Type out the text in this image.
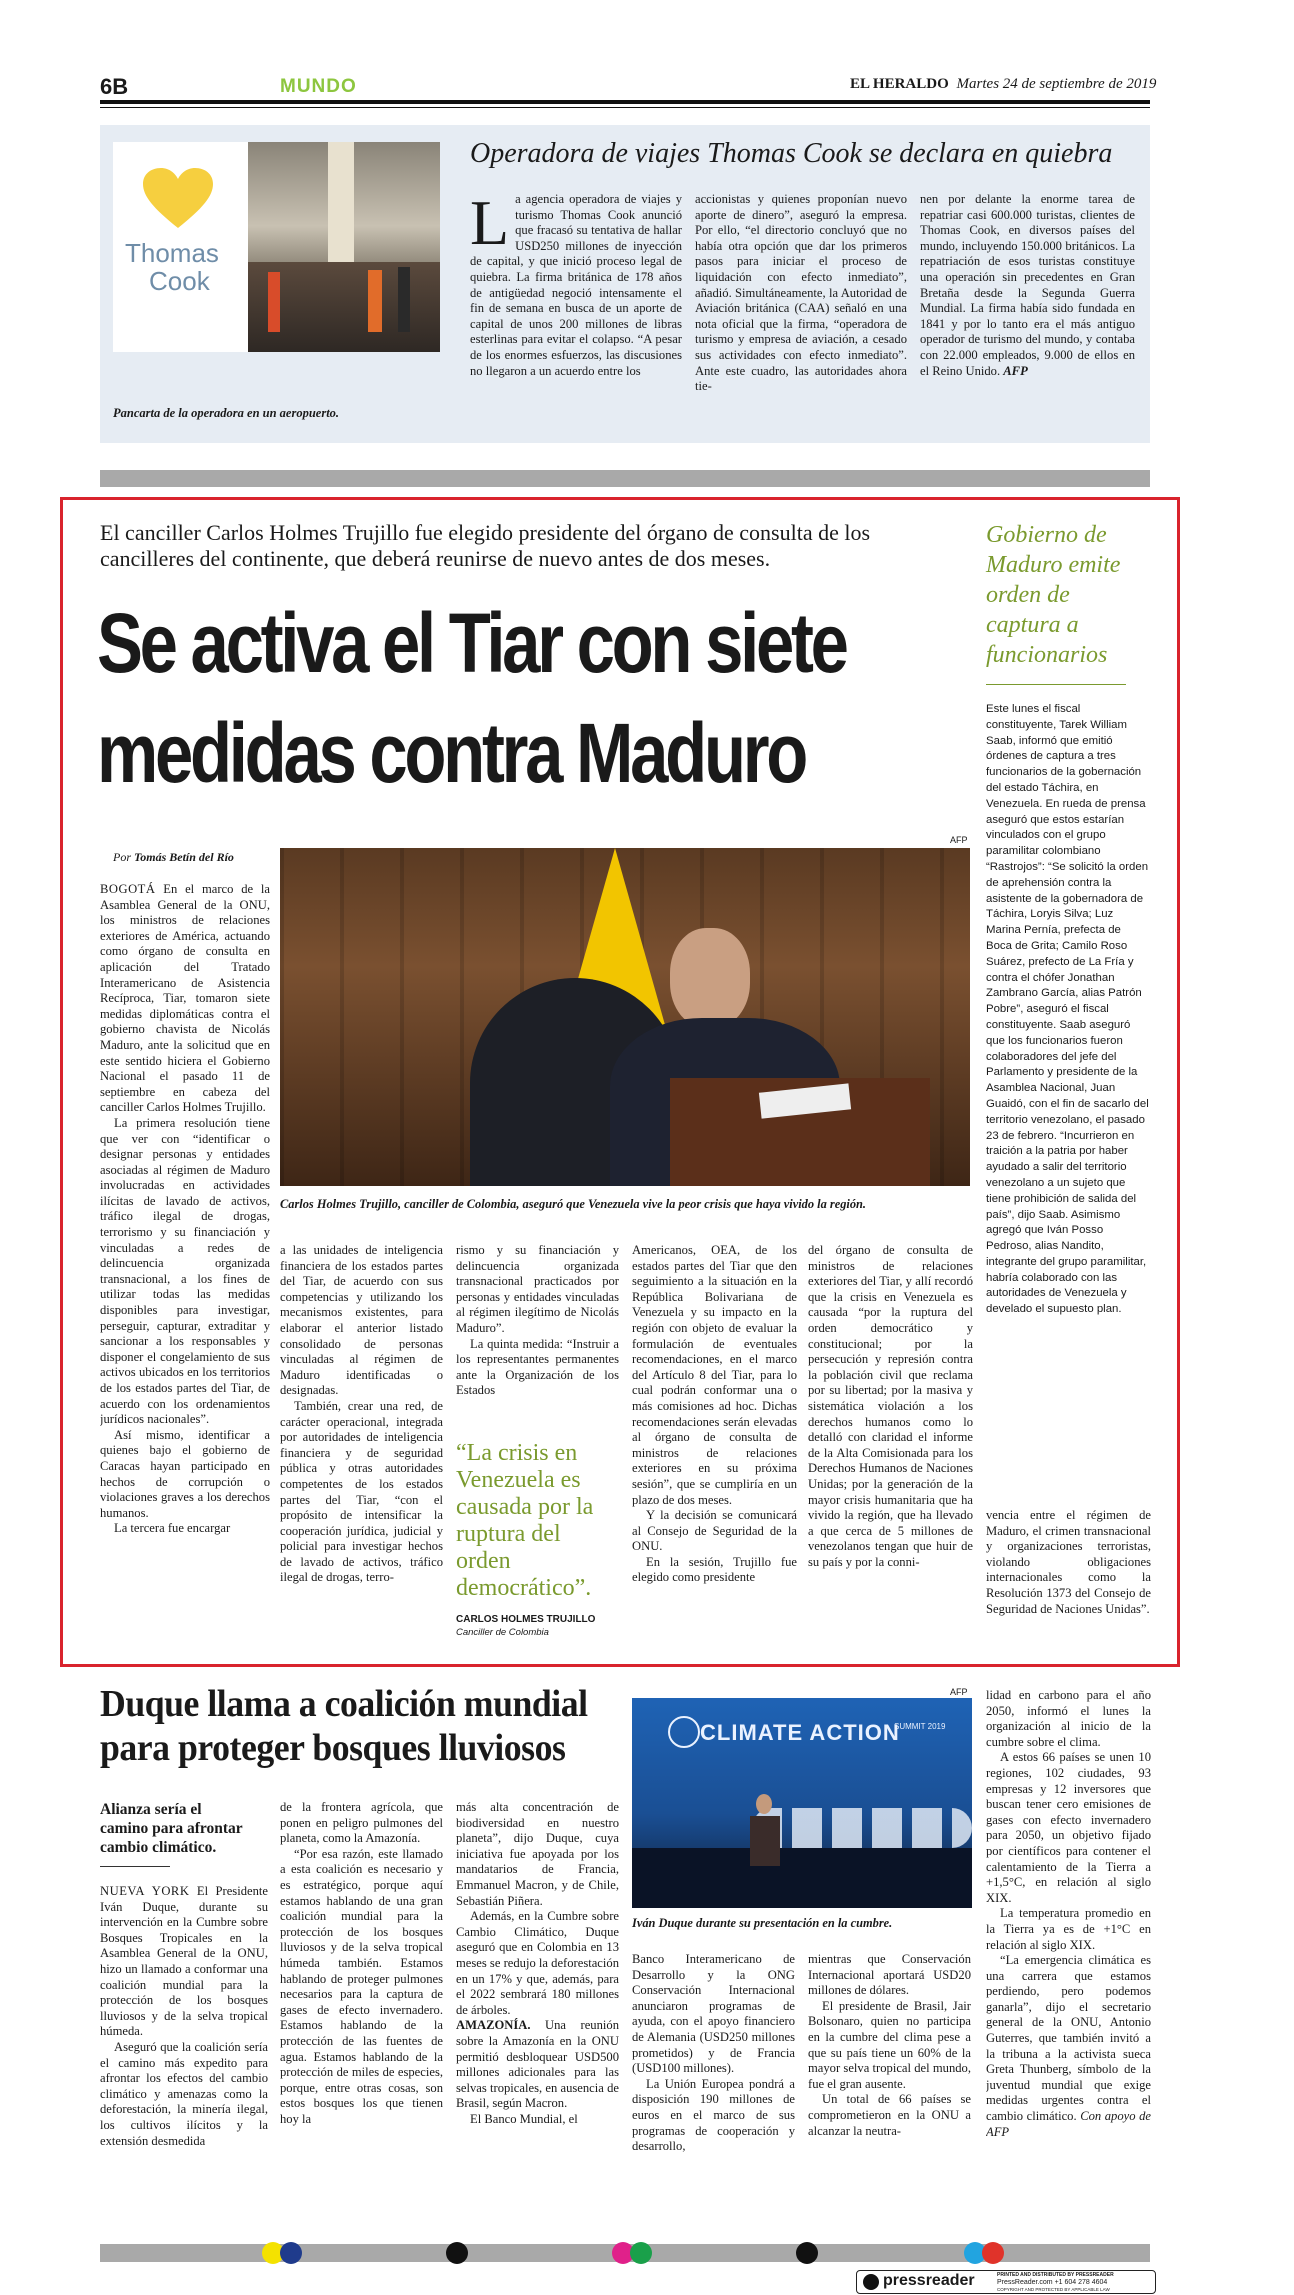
6B	MUNDO	EL HERALDO Martes 24 de septiembre de 2019
Thomas
Cook
Pancarta de la operadora en un aeropuerto.
Operadora de viajes Thomas Cook se declara en quiebra
La agencia operadora de viajes y turismo Thomas Cook anunció que fracasó su tentativa de hallar USD250 millones de inyección de capital, y que inició proceso legal de quiebra. La firma británica de 178 años de antigüedad negoció intensamente el fin de semana en busca de un aporte de capital de unos 200 millones de libras esterlinas para evitar el colapso. “A pesar de los enormes esfuerzos, las discusiones no llegaron a un acuerdo entre los
accionistas y quienes proponían nuevo aporte de dinero”, aseguró la empresa. Por ello, “el directorio concluyó que no había otra opción que dar los primeros pasos para iniciar el proceso de liquidación con efecto inmediato”, añadió. Simultáneamente, la Autoridad de Aviación británica (CAA) señaló en una nota oficial que la firma, “operadora de turismo y empresa de aviación, a cesado sus actividades con efecto inmediato”. Ante este cuadro, las autoridades ahora tie-
nen por delante la enorme tarea de repatriar casi 600.000 turistas, clientes de Thomas Cook, en diversos países del mundo, incluyendo 150.000 británicos. La repatriación de esos turistas constituye una operación sin precedentes en Gran Bretaña desde la Segunda Guerra Mundial. La firma había sido fundada en 1841 y por lo tanto era el más antiguo operador de turismo del mundo, y contaba con 22.000 empleados, 9.000 de ellos en el Reino Unido. AFP
El canciller Carlos Holmes Trujillo fue elegido presidente del órgano de consulta de los cancilleres del continente, que deberá reunirse de nuevo antes de dos meses.
Se activa el Tiar con siete
medidas contra Maduro
Por Tomás Betín del Río
AFP
Carlos Holmes Trujillo, canciller de Colombia, aseguró que Venezuela vive la peor crisis que haya vivido la región.

BOGOTÁ En el marco de la Asamblea General de la ONU, los ministros de relaciones exteriores de América, actuando como órgano de consulta en aplicación del Tratado Interamericano de Asistencia Recíproca, Tiar, tomaron siete medidas diplomáticas contra el gobierno chavista de Nicolás Maduro, ante la solicitud que en este sentido hiciera el Gobierno Nacional el pasado 11 de septiembre en cabeza del canciller Carlos Holmes Trujillo.

La primera resolución tiene que ver con “identificar o designar personas y entidades asociadas al régimen de Maduro involucradas en actividades ilícitas de lavado de activos, tráfico ilegal de drogas, terrorismo y su financiación y vinculadas a redes de delincuencia organizada transnacional, a los fines de utilizar todas las medidas disponibles para investigar, perseguir, capturar, extraditar y sancionar a los responsables y disponer el congelamiento de sus activos ubicados en los territorios de los estados partes del Tiar, de acuerdo con los ordenamientos jurídicos nacionales”.

Así mismo, identificar a quienes bajo el gobierno de Caracas hayan participado en hechos de corrupción o violaciones graves a los derechos humanos.

La tercera fue encargar

a las unidades de inteligencia financiera de los estados partes del Tiar, de acuerdo con sus competencias y utilizando los mecanismos existentes, para elaborar el anterior listado consolidado de personas vinculadas al régimen de Maduro identificadas o designadas.

También, crear una red, de carácter operacional, integrada por autoridades de inteligencia financiera y de seguridad pública y otras autoridades competentes de los estados partes del Tiar, “con el propósito de intensificar la cooperación jurídica, judicial y policial para investigar hechos de lavado de activos, tráfico ilegal de drogas, terro-

rismo y su financiación y delincuencia organizada transnacional practicados por personas y entidades vinculadas al régimen ilegítimo de Nicolás Maduro”.

La quinta medida: “Instruir a los representantes permanentes ante la Organización de los Estados

“La crisis en Venezuela es causada por la ruptura del orden democrático”.
CARLOS HOLMES TRUJILLO
Canciller de Colombia

Americanos, OEA, de los estados partes del Tiar que den seguimiento a la situación en la República Bolivariana de Venezuela y su impacto en la región con objeto de evaluar la formulación de eventuales recomendaciones, en el marco del Artículo 8 del Tiar, para lo cual podrán conformar una o más comisiones ad hoc. Dichas recomendaciones serán elevadas al órgano de consulta de ministros de relaciones exteriores en su próxima sesión”, que se cumpliría en un plazo de dos meses.

Y la decisión se comunicará al Consejo de Seguridad de la ONU.

En la sesión, Trujillo fue elegido como presidente

del órgano de consulta de ministros de relaciones exteriores del Tiar, y allí recordó que la crisis en Venezuela es causada “por la ruptura del orden democrático y constitucional; por la persecución y represión contra la población civil que reclama por su libertad; por la masiva y sistemática violación a los derechos humanos como lo detalló con claridad el informe de la Alta Comisionada para los Derechos Humanos de Naciones Unidas; por la generación de la mayor crisis humanitaria que ha vivido la región, que ha llevado a que cerca de 5 millones de venezolanos tengan que huir de su país y por la conni-

vencia entre el régimen de Maduro, el crimen transnacional y organizaciones terroristas, violando obligaciones internacionales como la Resolución 1373 del Consejo de Seguridad de Naciones Unidas”.

Gobierno de Maduro emite orden de captura a funcionarios
Este lunes el fiscal constituyente, Tarek William Saab, informó que emitió órdenes de captura a tres funcionarios de la gobernación del estado Táchira, en Venezuela. En rueda de prensa aseguró que estos estarían vinculados con el grupo paramilitar colombiano “Rastrojos”: “Se solicitó la orden de aprehensión contra la asistente de la gobernadora de Táchira, Loryis Silva; Luz Marina Pernía, prefecta de Boca de Grita; Camilo Roso Suárez, prefecto de La Fría y contra el chófer Jonathan Zambrano García, alias Patrón Pobre”, aseguró el fiscal constituyente. Saab aseguró que los funcionarios fueron colaboradores del jefe del Parlamento y presidente de la Asamblea Nacional, Juan Guaidó, con el fin de sacarlo del territorio venezolano, el pasado 23 de febrero. “Incurrieron en traición a la patria por haber ayudado a salir del territorio venezolano a un sujeto que tiene prohibición de salida del país”, dijo Saab. Asimismo agregó que Iván Posso Pedroso, alias Nandito, integrante del grupo paramilitar, habría colaborado con las autoridades de Venezuela y develado el supuesto plan.
Duque llama a coalición mundial
para proteger bosques lluviosos
Alianza sería el camino para afrontar cambio climático.

NUEVA YORK El Presidente Iván Duque, durante su intervención en la Cumbre sobre Bosques Tropicales en la Asamblea General de la ONU, hizo un llamado a conformar una coalición mundial para la protección de los bosques lluviosos y de la selva tropical húmeda.

Aseguró que la coalición sería el camino más expedito para afrontar los efectos del cambio climático y amenazas como la deforestación, la minería ilegal, los cultivos ilícitos y la extensión desmedida

de la frontera agrícola, que ponen en peligro pulmones del planeta, como la Amazonía.

“Por esa razón, este llamado a esta coalición es necesario y es estratégico, porque aquí estamos hablando de una gran coalición mundial para la protección de los bosques lluviosos y de la selva tropical húmeda también. Estamos hablando de proteger pulmones necesarios para la captura de gases de efecto invernadero. Estamos hablando de la protección de las fuentes de agua. Estamos hablando de la protección de miles de especies, porque, entre otras cosas, son estos bosques los que tienen hoy la

más alta concentración de biodiversidad en nuestro planeta”, dijo Duque, cuya iniciativa fue apoyada por los mandatarios de Francia, Emmanuel Macron, y de Chile, Sebastián Piñera.

Además, en la Cumbre sobre Cambio Climático, Duque aseguró que en Colombia en 13 meses se redujo la deforestación en un 17% y que, además, para el 2022 sembrará 180 millones de árboles.

AMAZONÍA. Una reunión sobre la Amazonía en la ONU permitió desbloquear USD500 millones adicionales para las selvas tropicales, en ausencia de Brasil, según Macron.

El Banco Mundial, el

AFP
CLIMATE ACTION
SUMMIT 2019
Iván Duque durante su presentación en la cumbre.

Banco Interamericano de Desarrollo y la ONG Conservación Internacional anunciaron programas de ayuda, con el apoyo financiero de Alemania (USD250 millones prometidos) y de Francia (USD100 millones).

La Unión Europea pondrá a disposición 190 millones de euros en el marco de sus programas de cooperación y desarrollo,

mientras que Conservación Internacional aportará USD20 millones de dólares.

El presidente de Brasil, Jair Bolsonaro, quien no participa en la cumbre del clima pese a que su país tiene un 60% de la mayor selva tropical del mundo, fue el gran ausente.

Un total de 66 países se comprometieron en la ONU a alcanzar la neutra-

lidad en carbono para el año 2050, informó el lunes la organización al inicio de la cumbre sobre el clima.

A estos 66 países se unen 10 regiones, 102 ciudades, 93 empresas y 12 inversores que buscan tener cero emisiones de gases con efecto invernadero para 2050, un objetivo fijado por científicos para contener el calentamiento de la Tierra a +1,5°C, en relación al siglo XIX.

La temperatura promedio en la Tierra ya es de +1°C en relación al siglo XIX.

“La emergencia climática es una carrera que estamos perdiendo, pero podemos ganarla”, dijo el secretario general de la ONU, Antonio Guterres, que también invitó a la tribuna a la activista sueca Greta Thunberg, símbolo de la juventud mundial que exige medidas urgentes contra el cambio climático. Con apoyo de AFP

pressreader	PRINTED AND DISTRIBUTED BY PRESSREADER
PressReader.com +1 604 278 4604
COPYRIGHT AND PROTECTED BY APPLICABLE LAW
